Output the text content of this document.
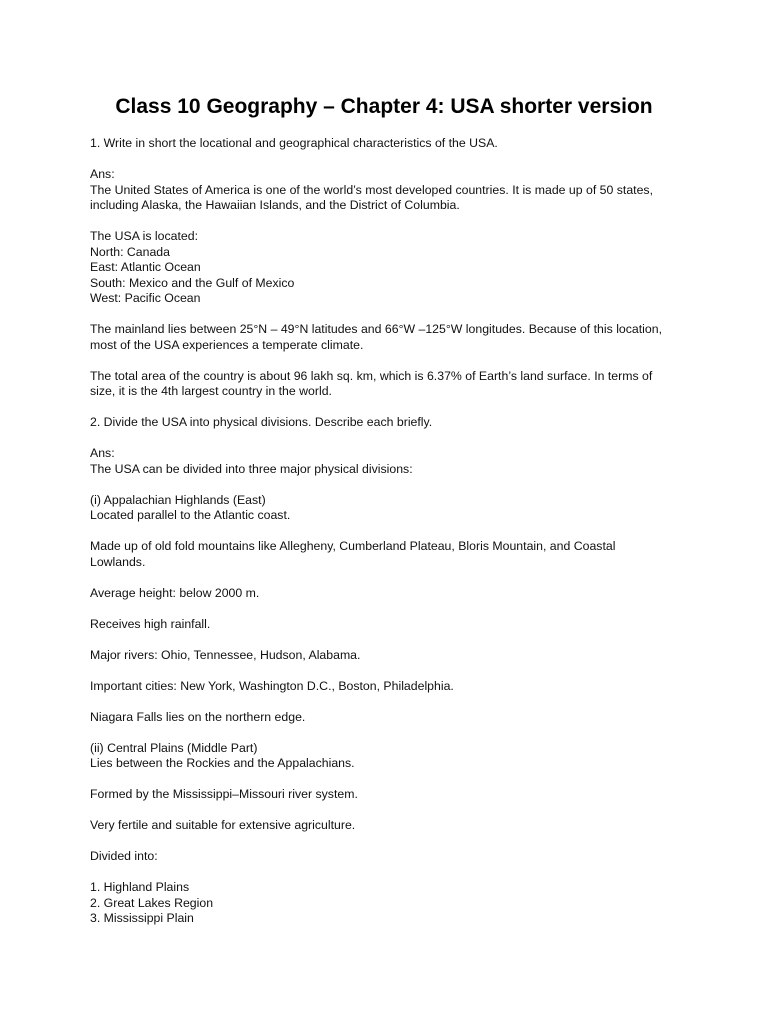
Class 10 Geography – Chapter 4: USA shorter version
1. Write in short the locational and geographical characteristics of the USA.
Ans:
The United States of America is one of the world’s most developed countries. It is made up of 50 states,
including Alaska, the Hawaiian Islands, and the District of Columbia.
The USA is located:
North: Canada
East: Atlantic Ocean
South: Mexico and the Gulf of Mexico
West: Pacific Ocean
The mainland lies between 25°N – 49°N latitudes and 66°W –125°W longitudes. Because of this location,
most of the USA experiences a temperate climate.
The total area of the country is about 96 lakh sq. km, which is 6.37% of Earth’s land surface. In terms of
size, it is the 4th largest country in the world.
2. Divide the USA into physical divisions. Describe each briefly.
Ans:
The USA can be divided into three major physical divisions:
(i) Appalachian Highlands (East)
Located parallel to the Atlantic coast.
Made up of old fold mountains like Allegheny, Cumberland Plateau, Bloris Mountain, and Coastal
Lowlands.
Average height: below 2000 m.
Receives high rainfall.
Major rivers: Ohio, Tennessee, Hudson, Alabama.
Important cities: New York, Washington D.C., Boston, Philadelphia.
Niagara Falls lies on the northern edge.
(ii) Central Plains (Middle Part)
Lies between the Rockies and the Appalachians.
Formed by the Mississippi–Missouri river system.
Very fertile and suitable for extensive agriculture.
Divided into:
1. Highland Plains
2. Great Lakes Region
3. Mississippi Plain
